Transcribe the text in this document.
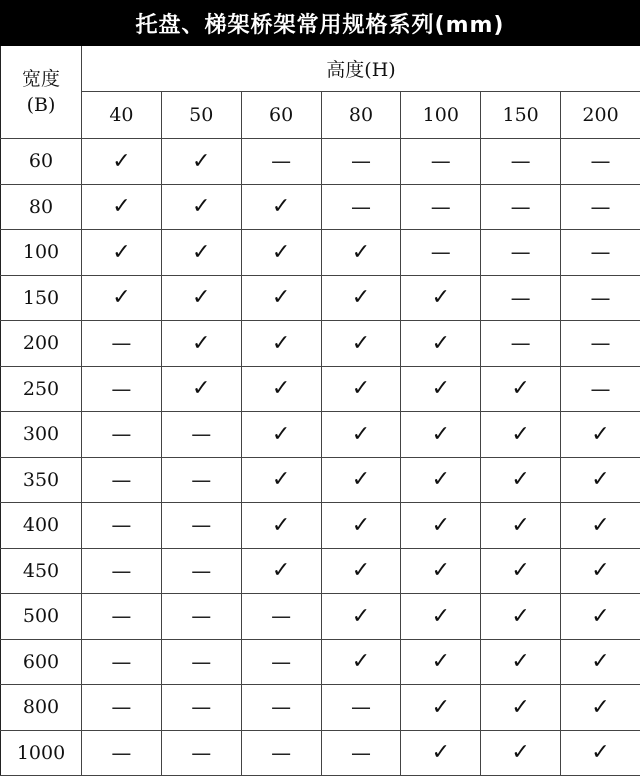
托盘、梯架桥架常用规格系列(mm)
宽度
(B)	高度(H)						
	40	50	60	80	100	150	200
60	✓	✓	—	—	—	—	—
80	✓	✓	✓	—	—	—	—
100	✓	✓	✓	✓	—	—	—
150	✓	✓	✓	✓	✓	—	—
200	—	✓	✓	✓	✓	—	—
250	—	✓	✓	✓	✓	✓	—
300	—	—	✓	✓	✓	✓	✓
350	—	—	✓	✓	✓	✓	✓
400	—	—	✓	✓	✓	✓	✓
450	—	—	✓	✓	✓	✓	✓
500	—	—	—	✓	✓	✓	✓
600	—	—	—	✓	✓	✓	✓
800	—	—	—	—	✓	✓	✓
1000	—	—	—	—	✓	✓	✓
